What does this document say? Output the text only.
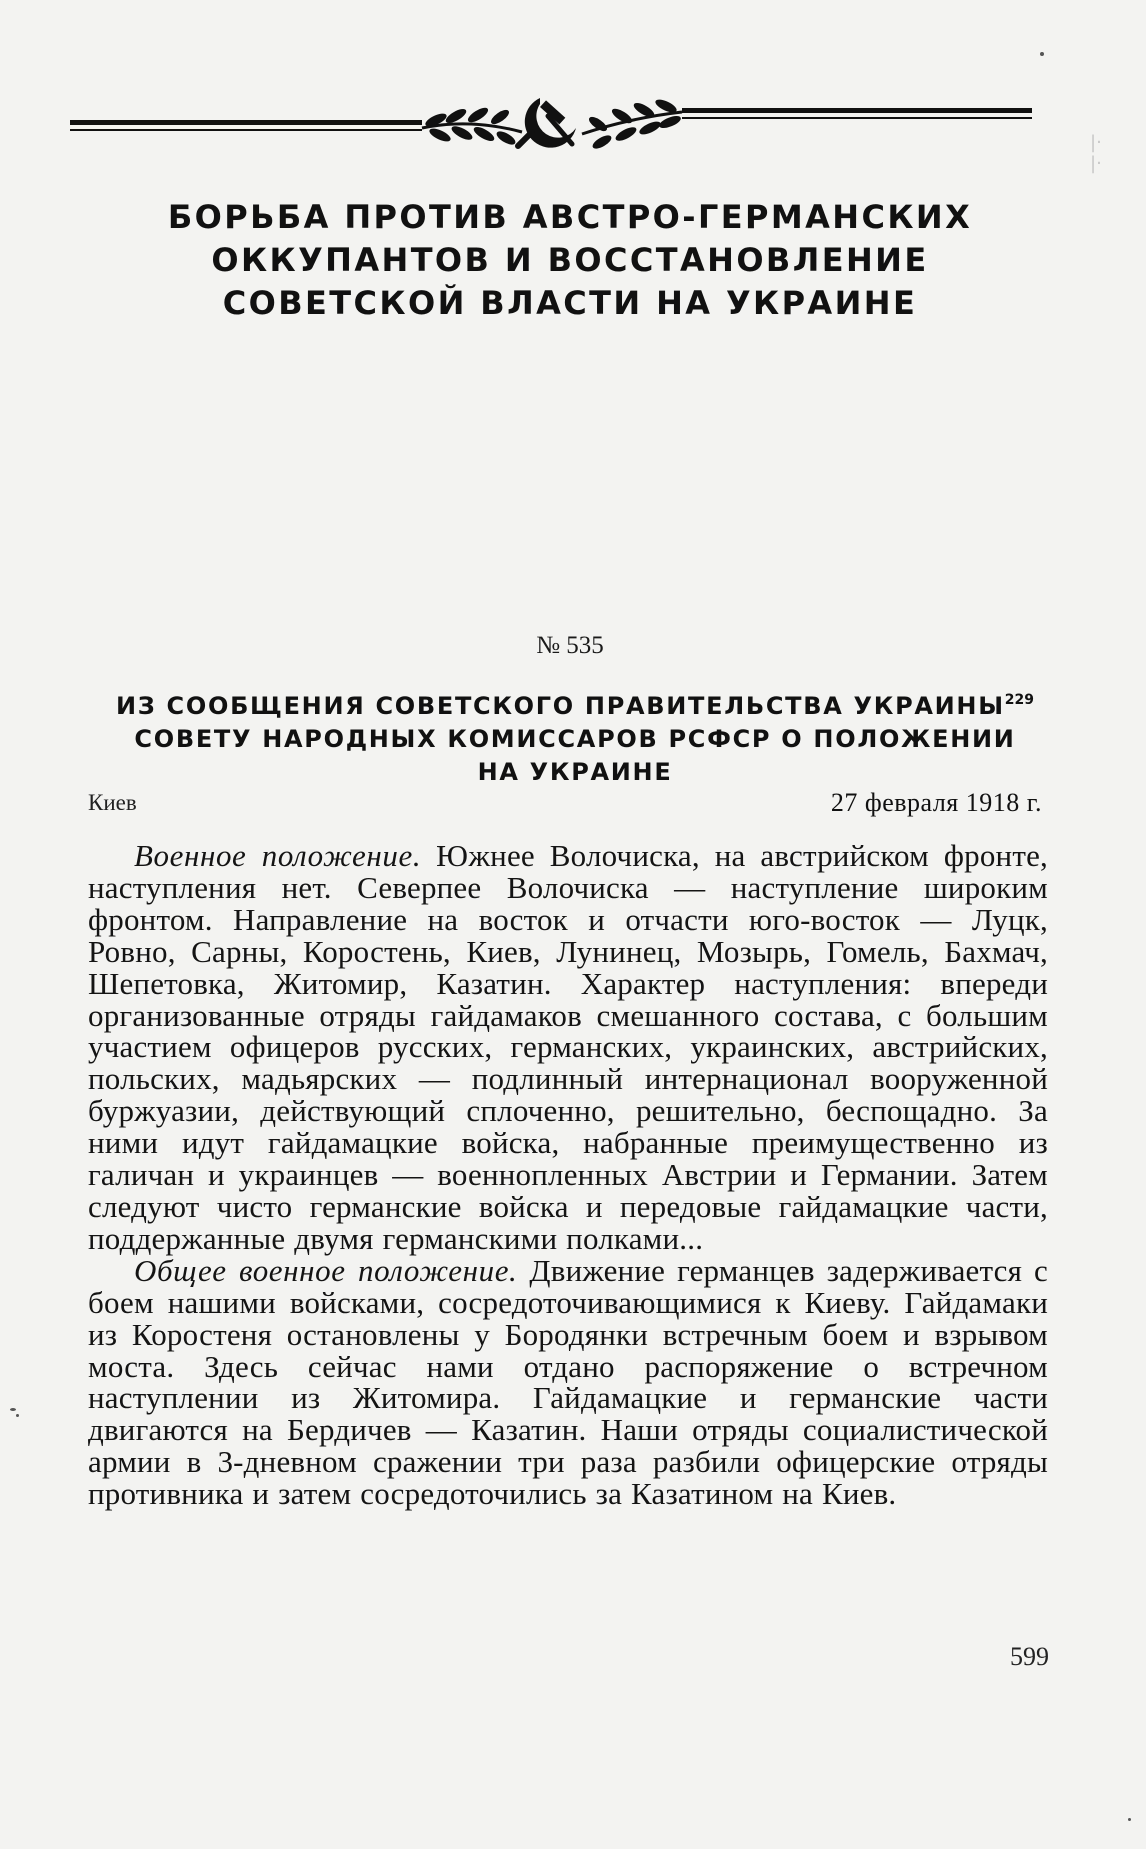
|·
|·
БОРЬБА ПРОТИВ АВСТРО-ГЕРМАНСКИХ
ОККУПАНТОВ И ВОССТАНОВЛЕНИЕ
СОВЕТСКОЙ ВЛАСТИ НА УКРАИНЕ
№ 535
ИЗ СООБЩЕНИЯ СОВЕТСКОГО ПРАВИТЕЛЬСТВА УКРАИНЫ$^{229}$
СОВЕТУ НАРОДНЫХ КОМИССАРОВ РСФСР О ПОЛОЖЕНИИ
НА УКРАИНЕ
Киев	27 февраля 1918 г.

Военное положение. Южнее Волочиска, на австрийском фронте, наступления нет. Северпее Волочиска — наступление широким фронтом. Направление на восток и отчасти юго-восток — Луцк, Ровно, Сарны, Коростень, Киев, Лунинец, Мозырь, Гомель, Бахмач, Шепетовка, Житомир, Казатин. Характер наступления: впереди организованные отряды гайдамаков смешанного состава, с большим участием офицеров русских, германских, украинских, австрийских, польских, мадьярских — подлинный интернационал вооруженной буржуазии, действующий сплоченно, решительно, беспощадно. За ними идут гайдамацкие войска, набранные преимущественно из галичан и украинцев — военнопленных Австрии и Германии. Затем следуют чисто германские войска и передовые гайдамацкие части, поддержанные двумя германскими полками...

Общее военное положение. Движение германцев задерживается с боем нашими войсками, сосредоточивающимися к Киеву. Гайдамаки из Коростеня остановлены у Бородянки встречным боем и взрывом моста. Здесь сейчас нами отдано распоряжение о встречном наступлении из Житомира. Гайдамацкие и германские части двигаются на Бердичев — Казатин. Наши отряды социалистической армии в 3-дневном сражении три раза разбили офицерские отряды противника и затем сосредоточились за Казатином на Киев.

599
